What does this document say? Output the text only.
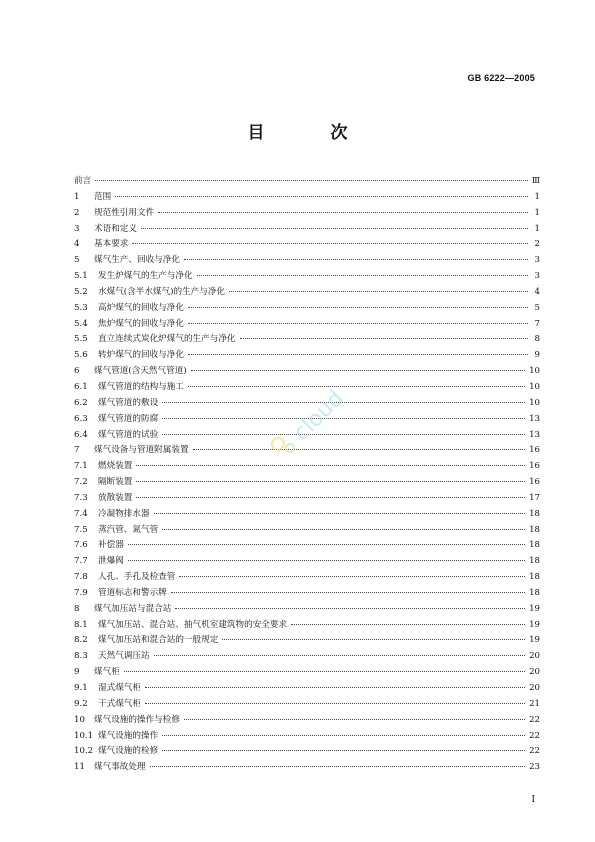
GB 6222—2005
目 次
前言	Ⅲ
1	范围	1
2	规范性引用文件	1
3	术语和定义	1
4	基本要求	2
5	煤气生产、回收与净化	3
5.1	发生炉煤气的生产与净化	3
5.2	水煤气(含半水煤气)的生产与净化	4
5.3	高炉煤气的回收与净化	5
5.4	焦炉煤气的回收与净化	7
5.5	直立连续式炭化炉煤气的生产与净化	8
5.6	转炉煤气的回收与净化	9
6	煤气管道(含天然气管道)	10
6.1	煤气管道的结构与施工	10
6.2	煤气管道的敷设	10
6.3	煤气管道的防腐	13
6.4	煤气管道的试验	13
7	煤气设备与管道附属装置	16
7.1	燃烧装置	16
7.2	隔断装置	16
7.3	放散装置	17
7.4	冷凝物排水器	18
7.5	蒸汽管、氮气管	18
7.6	补偿器	18
7.7	泄爆阀	18
7.8	人孔、手孔及检查管	18
7.9	管道标志和警示牌	18
8	煤气加压站与混合站	19
8.1	煤气加压站、混合站、抽气机室建筑物的安全要求	19
8.2	煤气加压站和混合站的一般规定	19
8.3	天然气调压站	20
9	煤气柜	20
9.1	湿式煤气柜	20
9.2	干式煤气柜	21
10	煤气设施的操作与检修	22
10.1 煤气设施的操作	22
10.2 煤气设施的检修	22
11	煤气事故处理	23
cloud
I
